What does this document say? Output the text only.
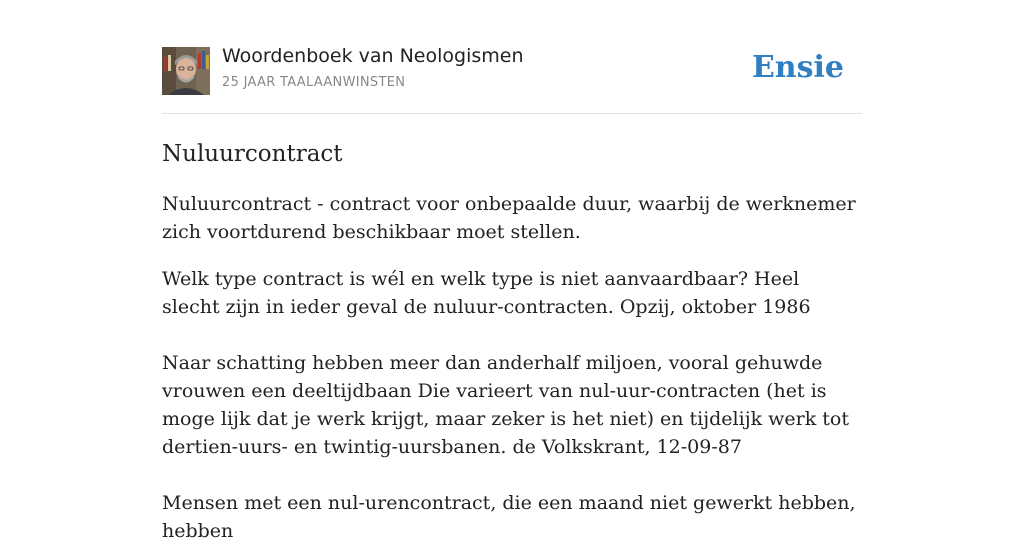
Woordenboek van Neologismen
25 JAAR TAALAANWINSTEN	Ensie
Nuluurcontract

Nuluurcontract - contract voor onbepaalde duur, waarbij de werknemer zich voortdurend beschikbaar moet stellen.

Welk type contract is wél en welk type is niet aanvaardbaar? Heel slecht zijn in ieder geval de nuluur-contracten. Opzij, oktober 1986

Naar schatting hebben meer dan anderhalf miljoen, vooral gehuwde vrouwen een deeltijdbaan Die varieert van nul-uur-contracten (het is moge lijk dat je werk krijgt, maar zeker is het niet) en tijdelijk werk tot dertien-uurs- en twintig-uursbanen. de Volkskrant, 12-09-87

Mensen met een nul-urencontract, die een maand niet gewerkt hebben, hebben
